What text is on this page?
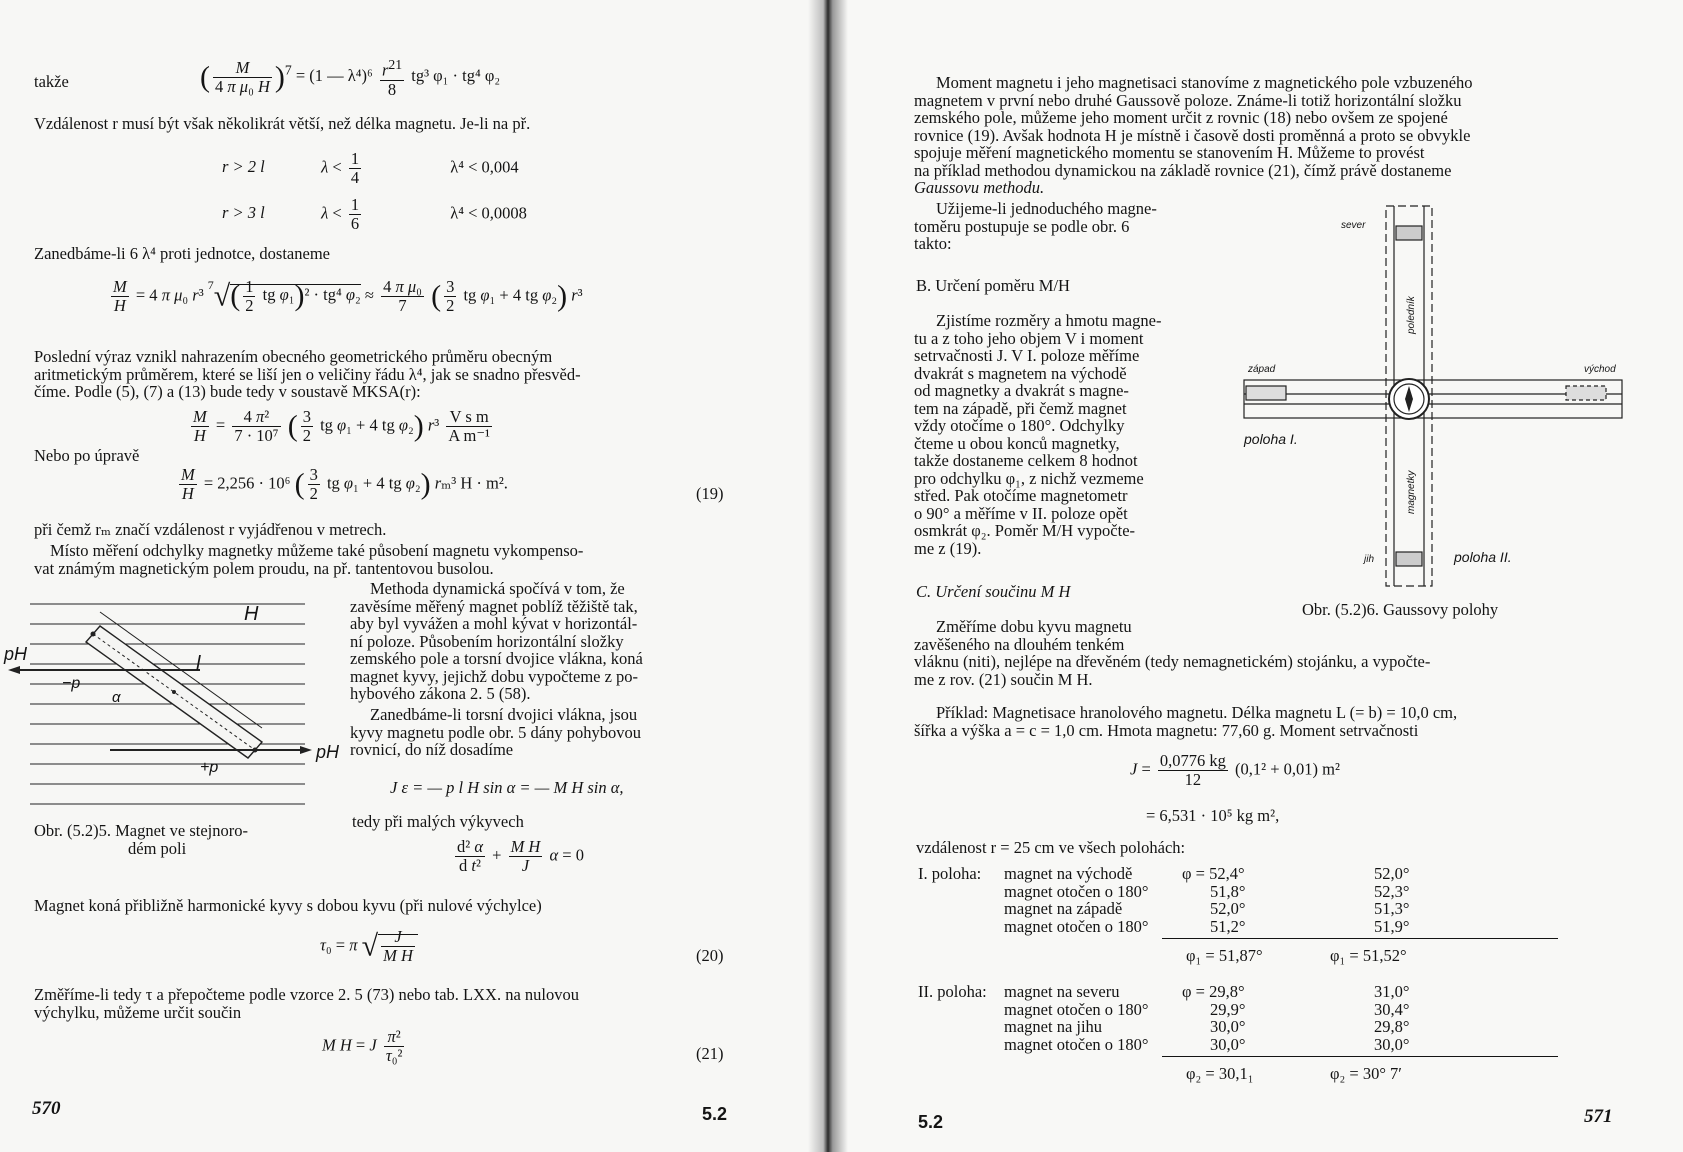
takže	( $\frac{M}{\text{4 π μ₀ H}} )^7 = (1$ — $\lambda^4)^6 \frac{r^{21}}{8} tg^3$ φ₁ · tg⁴ φ₂
Vzdálenost r musí být však několikrát větší, než délka magnetu. Je-li na př.
r > 2 l	$\lambda < \frac{1}{4}$	λ⁴ < 0,004
r > 3 l	$\lambda < \frac{1}{6}$	λ⁴ < 0,0008
Zanedbáme-li 6 λ⁴ proti jednotce, dostaneme
$\frac{M}{H} = 4$ π μ₀ r³ $^7√( \frac{1}{2}$ tg φ₁)² · tg⁴ $\varphi_2 \approx \frac{\text{4 π μ₀}}{7}$ ( $\frac{3}{2}$ tg φ₁ + 4 tg φ₂) r³
Poslední výraz vznikl nahrazením obecného geometrického průměru obecným
aritmetickým průměrem, které se liší jen o veličiny řádu λ⁴, jak se snadno přesvěd-
číme. Podle (5), (7) a (13) bude tedy v soustavě MKSA(r):
$\frac{M}{H} = \frac{\text{4 π²}}{\text{7 · 10⁷}}$ ( $\frac{3}{2}$ tg φ₁ + 4 tg φ₂) $r^3 \frac{\text{V s m}}{\text{A m⁻¹}}$
Nebo po úpravě
$\frac{M}{H} = 2,256 \cdot 10^6$ ( $\frac{3}{2}$ tg φ₁ + 4 tg φ₂) rₘ³ H · m².
(19)
při čemž rₘ značí vzdálenost r vyjádřenou v metrech.
Místo měření odchylky magnetky můžeme také působení magnetu vykompenso-
vat známým magnetickým polem proudu, na př. tantentovou busolou.
pH
pH
H
l
−p
+p
α
Methoda dynamická spočívá v tom, že
zavěsíme měřený magnet poblíž těžiště tak,
aby byl vyvážen a mohl kývat v horizontál-
ní poloze. Působením horizontální složky
zemského pole a torsní dvojice vlákna, koná
magnet kyvy, jejichž dobu vypočteme z po-
hybového zákona 2. 5 (58).
Zanedbáme-li torsní dvojici vlákna, jsou
kyvy magnetu podle obr. 5 dány pohybovou
rovnicí, do níž dosadíme
J ε = — p l H sin α = — M H sin α,
tedy při malých výkyvech
$\frac{\text{d² α}}{\text{d t²}} + \frac{\text{M H}}{J}$ α = 0
Obr. (5.2)5. Magnet ve stejnoro-
dém poli
Magnet koná přibližně harmonické kyvy s dobou kyvu (při nulové výchylce)
τ₀ = π √ $\frac{J}{\text{M H}}$	(20)
Změříme-li tedy τ a přepočteme podle vzorce 2. 5 (73) nebo tab. LXX. na nulovou
výchylku, můžeme určit součin
M H = J $\frac{\text{π²}}{\text{τ₀²}}$	(21)
570	5.2
Moment magnetu i jeho magnetisaci stanovíme z magnetického pole vzbuzeného
magnetem v první nebo druhé Gaussově poloze. Známe-li totiž horizontální složku
zemského pole, můžeme jeho moment určit z rovnic (18) nebo ovšem ze spojené
rovnice (19). Avšak hodnota H je místně i časově dosti proměnná a proto se obvykle
spojuje měření magnetického momentu se stanovením H. Můžeme to provést
na příklad methodou dynamickou na základě rovnice (21), čímž právě dostaneme
Gaussovu methodu.
Užijeme-li jednoduchého magne-
toměru postupuje se podle obr. 6
takto:
B. Určení poměru M/H
Zjistíme rozměry a hmotu magne-
tu a z toho jeho objem V i moment
setrvačnosti J. V I. poloze měříme
dvakrát s magnetem na východě
od magnetky a dvakrát s magne-
tem na západě, při čemž magnet
vždy otočíme o 180°. Odchylky
čteme u obou konců magnetky,
takže dostaneme celkem 8 hodnot
pro odchylku φ₁, z nichž vezmeme
střed. Pak otočíme magnetometr
o 90° a měříme v II. poloze opět
osmkrát φ₂. Poměr M/H vypočte-
me z (19).
sever
jih
západ	východ
poloha I.
poloha II.
poledník
magnetky
Obr. (5.2)6. Gaussovy polohy
C. Určení součinu M H
Změříme dobu kyvu magnetu
zavěšeného na dlouhém tenkém
vláknu (niti), nejlépe na dřevěném (tedy nemagnetickém) stojánku, a vypočte-
me z rov. (21) součin M H.
Příklad: Magnetisace hranolového magnetu. Délka magnetu L (= b) = 10,0 cm,
šířka a výška a = c = 1,0 cm. Hmota magnetu: 77,60 g. Moment setrvačnosti
$J = \frac{0,0776 kg}{12} (0,1^2 + 0,01)$ m²
= 6,531 · 10⁵ kg m²,
vzdálenost r = 25 cm ve všech polohách:
I. poloha: magnet na východě	φ = 52,4°	52,0°
magnet otočen o 180°	51,8°	52,3°
magnet na západě	52,0°	51,3°
magnet otočen o 180°	51,2°	51,9°
φ₁ = 51,87°	φ₁ = 51,52°
II. poloha: magnet na severu	φ = 29,8°	31,0°
magnet otočen o 180°	29,9°	30,4°
magnet na jihu	30,0°	29,8°
magnet otočen o 180°	30,0°	30,0°
φ₂ = 30,1₁	φ₂ = 30° 7′
5.2	571
